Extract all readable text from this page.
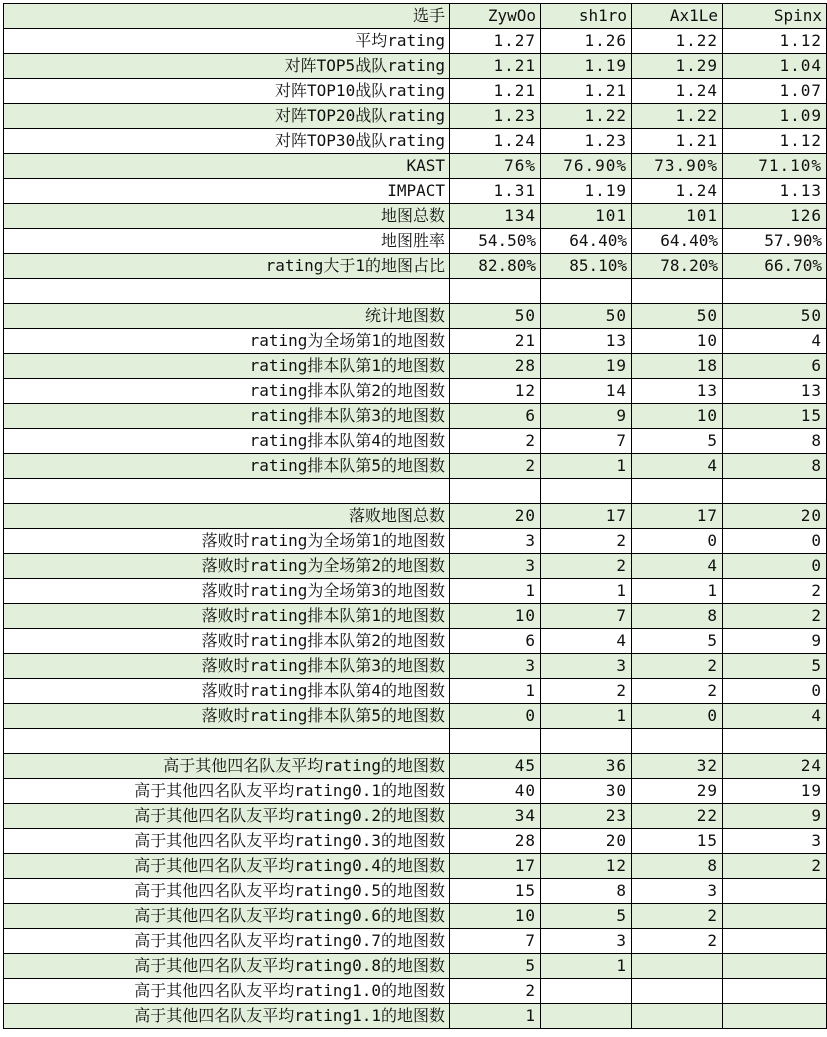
选手	ZywOo	sh1ro	Ax1Le	Spinx
平均rating	1.27	1.26	1.22	1.12
对阵TOP5战队rating	1.21	1.19	1.29	1.04
对阵TOP10战队rating	1.21	1.21	1.24	1.07
对阵TOP20战队rating	1.23	1.22	1.22	1.09
对阵TOP30战队rating	1.24	1.23	1.21	1.12
KAST	76%	76.90%	73.90%	71.10%
IMPACT	1.31	1.19	1.24	1.13
地图总数	134	101	101	126
地图胜率	54.50%	64.40%	64.40%	57.90%
rating大于1的地图占比	82.80%	85.10%	78.20%	66.70%

统计地图数	50	50	50	50
rating为全场第1的地图数	21	13	10	4
rating排本队第1的地图数	28	19	18	6
rating排本队第2的地图数	12	14	13	13
rating排本队第3的地图数	6	9	10	15
rating排本队第4的地图数	2	7	5	8
rating排本队第5的地图数	2	1	4	8

落败地图总数	20	17	17	20
落败时rating为全场第1的地图数	3	2	0	0
落败时rating为全场第2的地图数	3	2	4	0
落败时rating为全场第3的地图数	1	1	1	2
落败时rating排本队第1的地图数	10	7	8	2
落败时rating排本队第2的地图数	6	4	5	9
落败时rating排本队第3的地图数	3	3	2	5
落败时rating排本队第4的地图数	1	2	2	0
落败时rating排本队第5的地图数	0	1	0	4

高于其他四名队友平均rating的地图数	45	36	32	24
高于其他四名队友平均rating0.1的地图数	40	30	29	19
高于其他四名队友平均rating0.2的地图数	34	23	22	9
高于其他四名队友平均rating0.3的地图数	28	20	15	3
高于其他四名队友平均rating0.4的地图数	17	12	8	2
高于其他四名队友平均rating0.5的地图数	15	8	3	
高于其他四名队友平均rating0.6的地图数	10	5	2	
高于其他四名队友平均rating0.7的地图数	7	3	2	
高于其他四名队友平均rating0.8的地图数	5	1		
高于其他四名队友平均rating1.0的地图数	2			
高于其他四名队友平均rating1.1的地图数	1			
